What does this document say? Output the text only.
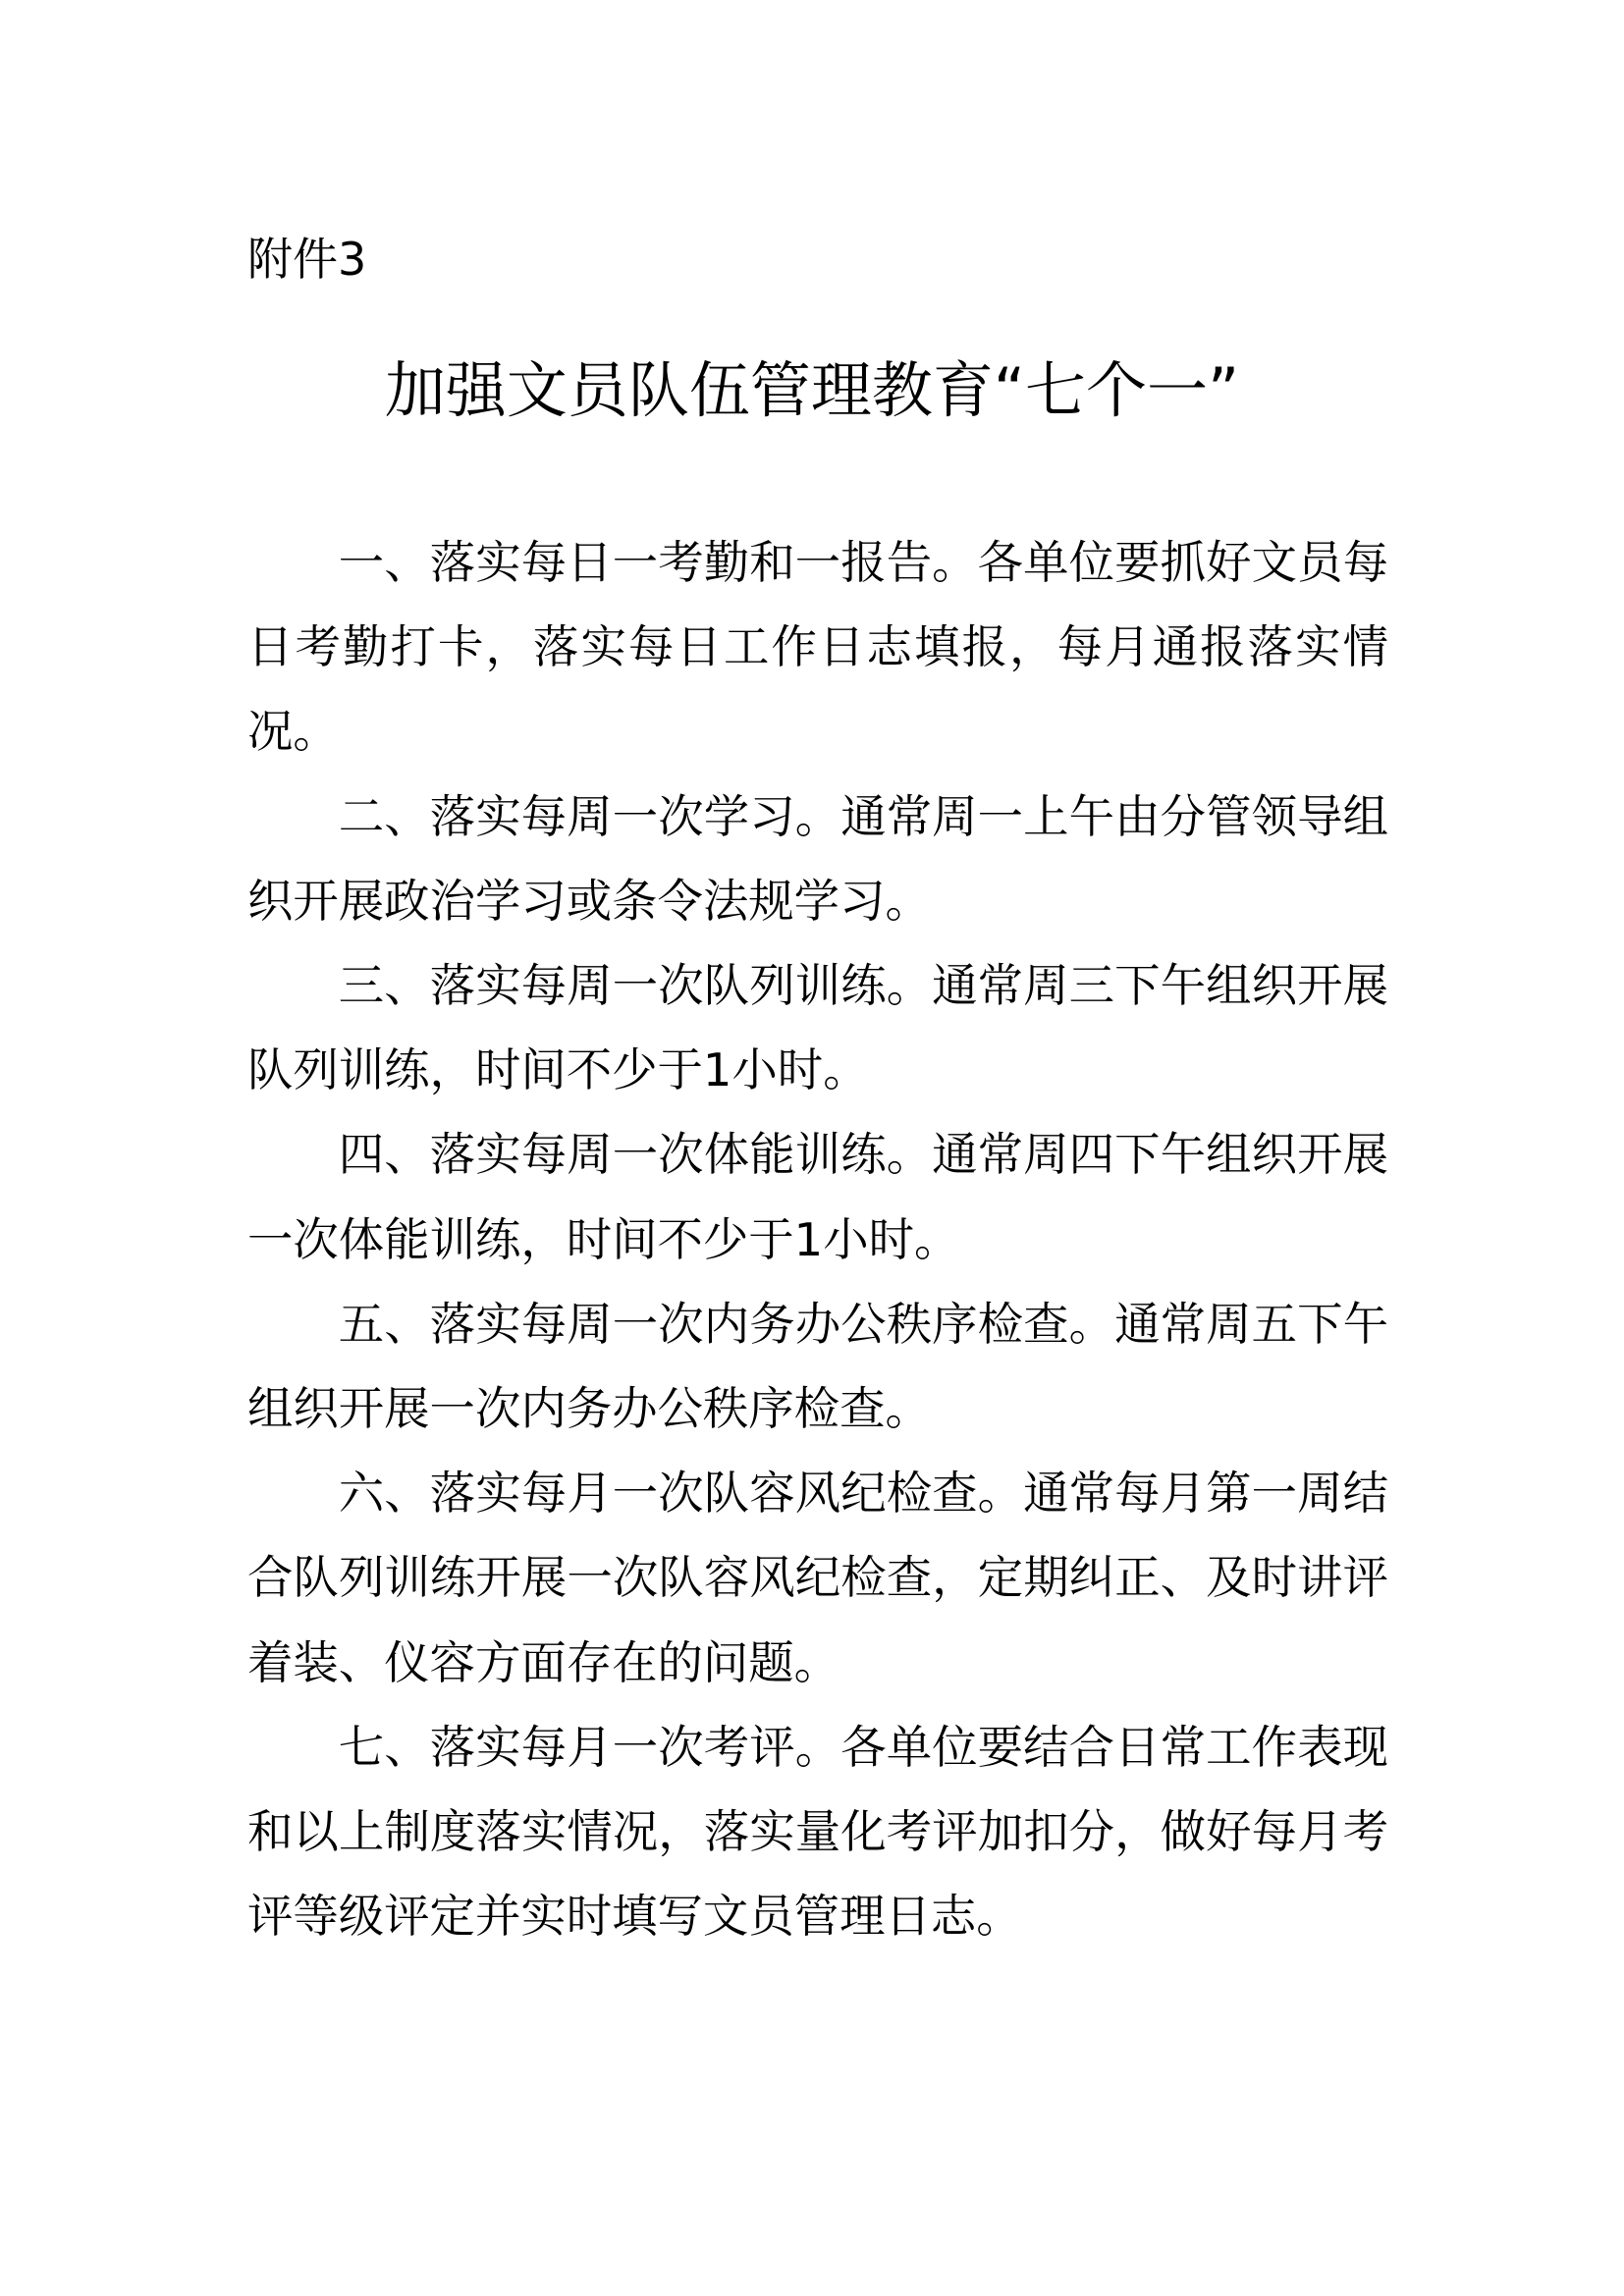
附件3
加强文员队伍管理教育“七个一”

一、落实每日一考勤和一报告。各单位要抓好文员每日考勤打卡，落实每日工作日志填报，每月通报落实情况。

二、落实每周一次学习。通常周一上午由分管领导组织开展政治学习或条令法规学习。

三、落实每周一次队列训练。通常周三下午组织开展队列训练，时间不少于1小时。

四、落实每周一次体能训练。通常周四下午组织开展一次体能训练，时间不少于1小时。

五、落实每周一次内务办公秩序检查。通常周五下午组织开展一次内务办公秩序检查。

六、落实每月一次队容风纪检查。通常每月第一周结合队列训练开展一次队容风纪检查，定期纠正、及时讲评着装、仪容方面存在的问题。

七、落实每月一次考评。各单位要结合日常工作表现和以上制度落实情况，落实量化考评加扣分，做好每月考评等级评定并实时填写文员管理日志。
